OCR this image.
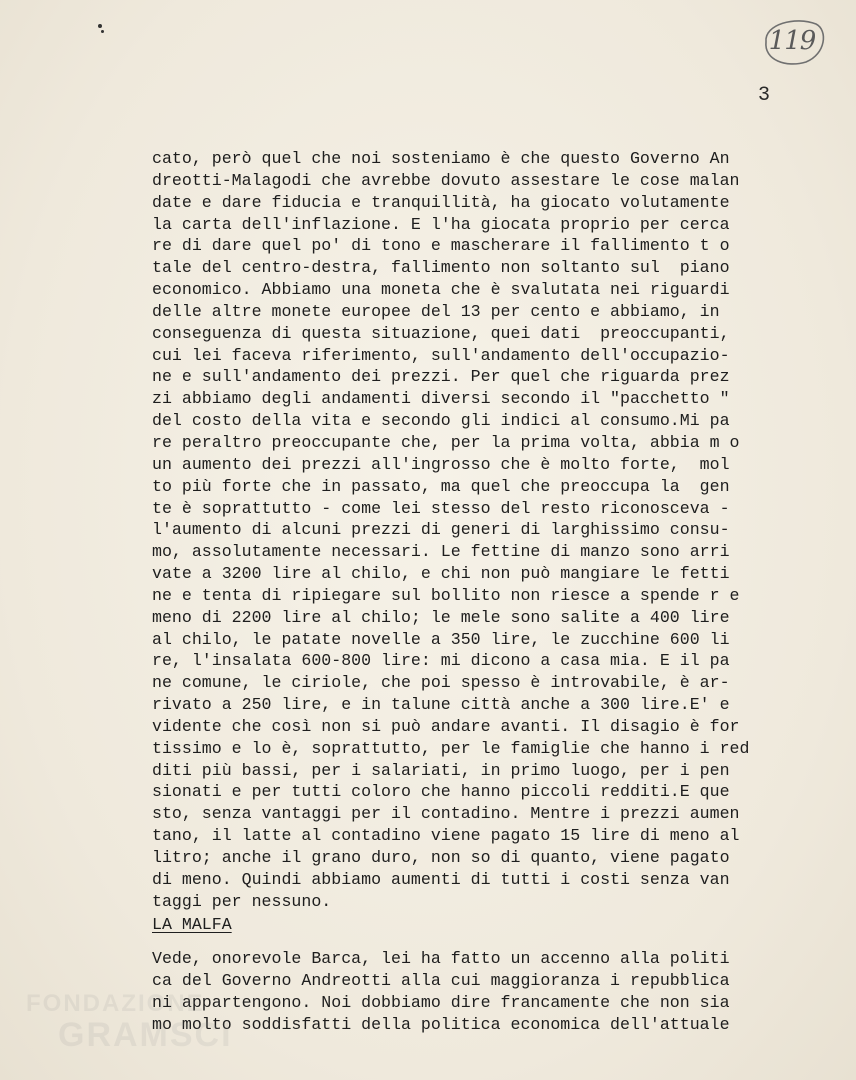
119
3
cato, però quel che noi sosteniamo è che questo Governo An
dreotti-Malagodi che avrebbe dovuto assestare le cose malan
date e dare fiducia e tranquillità, ha giocato volutamente
la carta dell'inflazione. E l'ha giocata proprio per cerca
re di dare quel po' di tono e mascherare il fallimento t o
tale del centro-destra, fallimento non soltanto sul  piano
economico. Abbiamo una moneta che è svalutata nei riguardi
delle altre monete europee del 13 per cento e abbiamo, in
conseguenza di questa situazione, quei dati  preoccupanti,
cui lei faceva riferimento, sull'andamento dell'occupazio-
ne e sull'andamento dei prezzi. Per quel che riguarda prez
zi abbiamo degli andamenti diversi secondo il "pacchetto "
del costo della vita e secondo gli indici al consumo.Mi pa
re peraltro preoccupante che, per la prima volta, abbia m o
un aumento dei prezzi all'ingrosso che è molto forte,  mol
to più forte che in passato, ma quel che preoccupa la  gen
te è soprattutto - come lei stesso del resto riconosceva -
l'aumento di alcuni prezzi di generi di larghissimo consu-
mo, assolutamente necessari. Le fettine di manzo sono arri
vate a 3200 lire al chilo, e chi non può mangiare le fetti
ne e tenta di ripiegare sul bollito non riesce a spende r e
meno di 2200 lire al chilo; le mele sono salite a 400 lire
al chilo, le patate novelle a 350 lire, le zucchine 600 li
re, l'insalata 600-800 lire: mi dicono a casa mia. E il pa
ne comune, le ciriole, che poi spesso è introvabile, è ar-
rivato a 250 lire, e in talune città anche a 300 lire.E' e
vidente che così non si può andare avanti. Il disagio è for
tissimo e lo è, soprattutto, per le famiglie che hanno i red
diti più bassi, per i salariati, in primo luogo, per i pen
sionati e per tutti coloro che hanno piccoli redditi.E que
sto, senza vantaggi per il contadino. Mentre i prezzi aumen
tano, il latte al contadino viene pagato 15 lire di meno al
litro; anche il grano duro, non so di quanto, viene pagato
di meno. Quindi abbiamo aumenti di tutti i costi senza van
taggi per nessuno.
LA MALFA
Vede, onorevole Barca, lei ha fatto un accenno alla politi
ca del Governo Andreotti alla cui maggioranza i repubblica
ni appartengono. Noi dobbiamo dire francamente che non sia
mo molto soddisfatti della politica economica dell'attuale
FONDAZIONE
GRAMSCI
